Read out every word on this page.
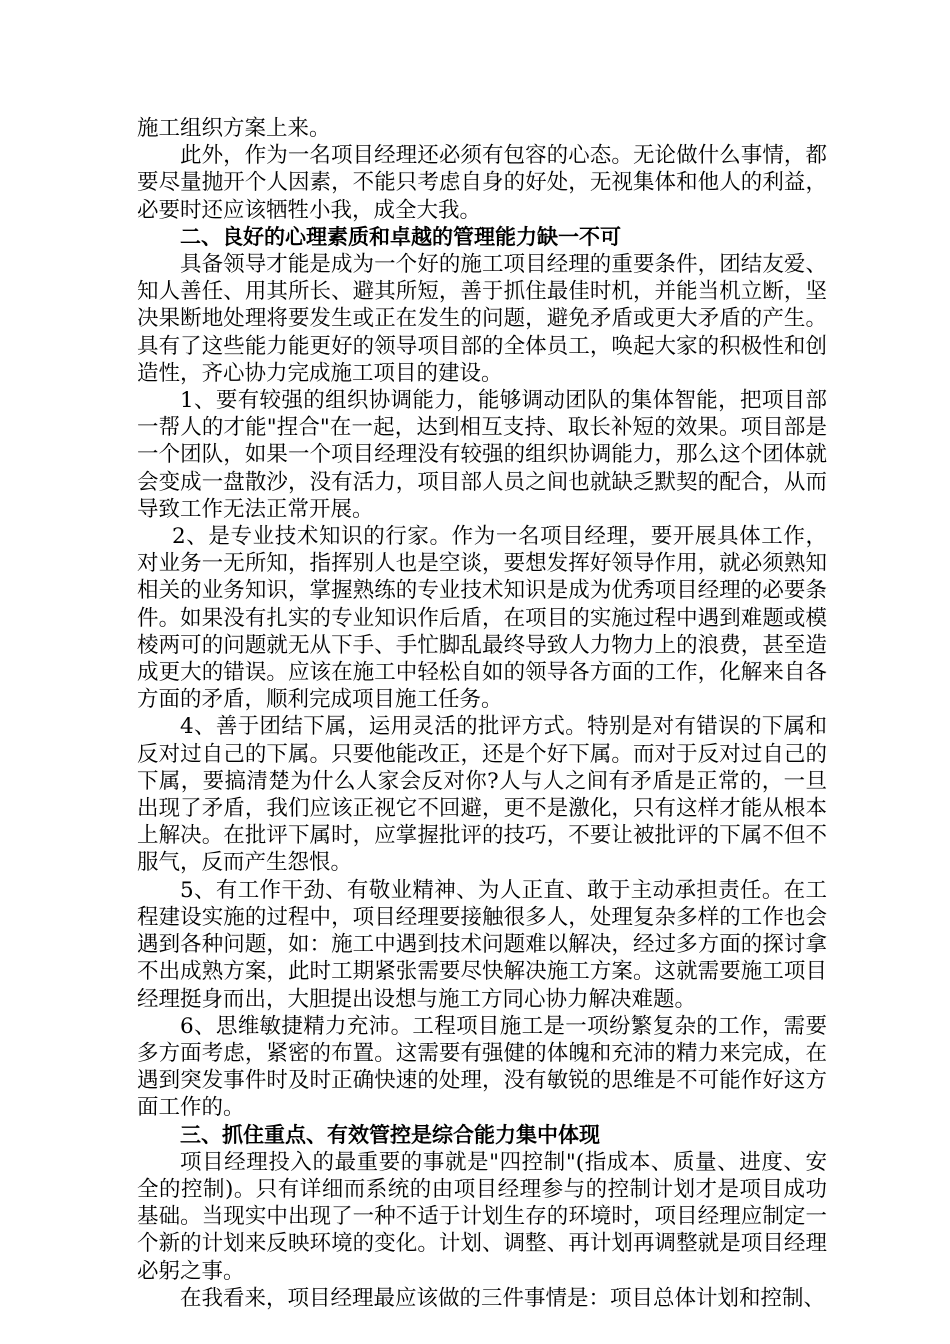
施工组织方案上来。

此外，作为一名项目经理还必须有包容的心态。无论做什么事情，都要尽量抛开个人因素，不能只考虑自身的好处，无视集体和他人的利益，必要时还应该牺牲小我，成全大我。

二、良好的心理素质和卓越的管理能力缺一不可

具备领导才能是成为一个好的施工项目经理的重要条件，团结友爱、知人善任、用其所长、避其所短，善于抓住最佳时机，并能当机立断，坚决果断地处理将要发生或正在发生的问题，避免矛盾或更大矛盾的产生。具有了这些能力能更好的领导项目部的全体员工，唤起大家的积极性和创造性，齐心协力完成施工项目的建设。

1、要有较强的组织协调能力，能够调动团队的集体智能，把项目部一帮人的才能"捏合"在一起，达到相互支持、取长补短的效果。项目部是一个团队，如果一个项目经理没有较强的组织协调能力，那么这个团体就会变成一盘散沙，没有活力，项目部人员之间也就缺乏默契的配合，从而导致工作无法正常开展。

2、是专业技术知识的行家。作为一名项目经理，要开展具体工作，对业务一无所知，指挥别人也是空谈，要想发挥好领导作用，就必须熟知相关的业务知识，掌握熟练的专业技术知识是成为优秀项目经理的必要条件。如果没有扎实的专业知识作后盾，在项目的实施过程中遇到难题或模棱两可的问题就无从下手、手忙脚乱最终导致人力物力上的浪费，甚至造成更大的错误。应该在施工中轻松自如的领导各方面的工作，化解来自各方面的矛盾，顺利完成项目施工任务。

4、善于团结下属，运用灵活的批评方式。特别是对有错误的下属和反对过自己的下属。只要他能改正，还是个好下属。而对于反对过自己的下属，要搞清楚为什么人家会反对你?人与人之间有矛盾是正常的，一旦出现了矛盾，我们应该正视它不回避，更不是激化，只有这样才能从根本上解决。在批评下属时，应掌握批评的技巧，不要让被批评的下属不但不服气，反而产生怨恨。

5、有工作干劲、有敬业精神、为人正直、敢于主动承担责任。在工程建设实施的过程中，项目经理要接触很多人，处理复杂多样的工作也会遇到各种问题，如：施工中遇到技术问题难以解决，经过多方面的探讨拿不出成熟方案，此时工期紧张需要尽快解决施工方案。这就需要施工项目经理挺身而出，大胆提出设想与施工方同心协力解决难题。

6、思维敏捷精力充沛。工程项目施工是一项纷繁复杂的工作，需要多方面考虑，紧密的布置。这需要有强健的体魄和充沛的精力来完成，在遇到突发事件时及时正确快速的处理，没有敏锐的思维是不可能作好这方面工作的。

三、抓住重点、有效管控是综合能力集中体现

项目经理投入的最重要的事就是"四控制"(指成本、质量、进度、安全的控制)。只有详细而系统的由项目经理参与的控制计划才是项目成功基础。当现实中出现了一种不适于计划生存的环境时，项目经理应制定一个新的计划来反映环境的变化。计划、调整、再计划再调整就是项目经理必躬之事。

在我看来，项目经理最应该做的三件事情是：项目总体计划和控制、
